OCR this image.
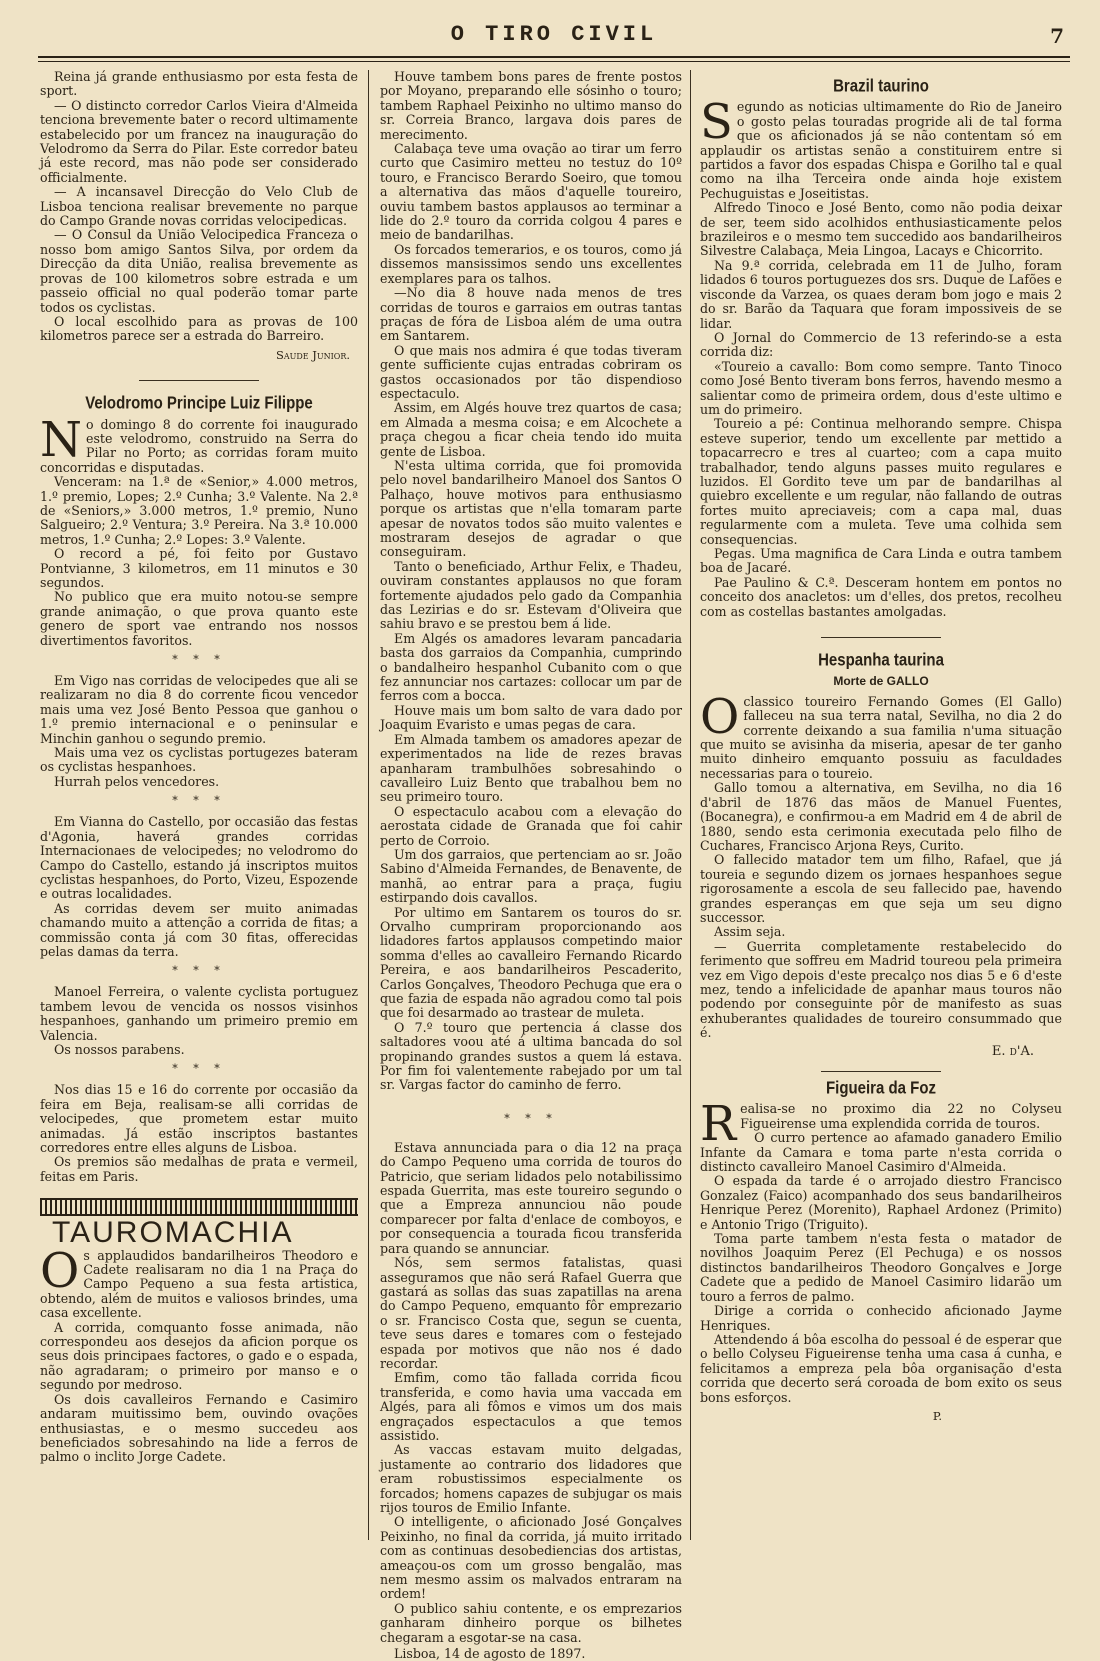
O TIRO CIVIL	7

Reina já grande enthusiasmo por esta festa de sport.

— O distincto corredor Carlos Vieira d'Almeida tenciona brevemente bater o record ultimamente estabelecido por um francez na inauguração do Velodromo da Serra do Pilar. Este corredor bateu já este record, mas não pode ser considerado officialmente.

— A incansavel Direcção do Velo Club de Lisboa tenciona realisar brevemente no parque do Campo Grande novas corridas velocipedicas.

— O Consul da União Velocipedica Franceza o nosso bom amigo Santos Silva, por ordem da Direcção da dita União, realisa brevemente as provas de 100 kilometros sobre estrada e um passeio official no qual poderão tomar parte todos os cyclistas.

O local escolhido para as provas de 100 kilometros parece ser a estrada do Barreiro.

Saude Junior.
Velodromo Principe Luiz Filippe

No domingo 8 do corrente foi inaugurado este velodromo, construido na Serra do Pilar no Porto; as corridas foram muito concorridas e disputadas.

Venceram: na 1.ª de «Senior,» 4.000 metros, 1.º premio, Lopes; 2.º Cunha; 3.º Valente. Na 2.ª de «Seniors,» 3.000 metros, 1.º premio, Nuno Salgueiro; 2.º Ventura; 3.º Pereira. Na 3.ª 10.000 metros, 1.º Cunha; 2.º Lopes: 3.º Valente.

O record a pé, foi feito por Gustavo Pontvianne, 3 kilometros, em 11 minutos e 30 segundos.

No publico que era muito notou-se sempre grande animação, o que prova quanto este genero de sport vae entrando nos nossos divertimentos favoritos.

* * *

Em Vigo nas corridas de velocipedes que ali se realizaram no dia 8 do corrente ficou vencedor mais uma vez José Bento Pessoa que ganhou o 1.º premio internacional e o peninsular e Minchin ganhou o segundo premio.

Mais uma vez os cyclistas portugezes bateram os cyclistas hespanhoes.

Hurrah pelos vencedores.

* * *

Em Vianna do Castello, por occasião das festas d'Agonia, haverá grandes corridas Internacionaes de velocipedes; no velodromo do Campo do Castello, estando já inscriptos muitos cyclistas hespanhoes, do Porto, Vizeu, Espozende e outras localidades.

As corridas devem ser muito animadas chamando muito a attenção a corrida de fitas; a commissão conta já com 30 fitas, offerecidas pelas damas da terra.

* * *

Manoel Ferreira, o valente cyclista portuguez tambem levou de vencida os nossos visinhos hespanhoes, ganhando um primeiro premio em Valencia.

Os nossos parabens.

* * *

Nos dias 15 e 16 do corrente por occasião da feira em Beja, realisam-se alli corridas de velocipedes, que prometem estar muito animadas. Já estão inscriptos bastantes corredores entre elles alguns de Lisboa.

Os premios são medalhas de prata e vermeil, feitas em Paris.

TAUROMACHIA

Os applaudidos bandarilheiros Theodoro e Cadete realisaram no dia 1 na Praça do Campo Pequeno a sua festa artistica, obtendo, além de muitos e valiosos brindes, uma casa excellente.

A corrida, comquanto fosse animada, não correspondeu aos desejos da aficion porque os seus dois principaes factores, o gado e o espada, não agradaram; o primeiro por manso e o segundo por medroso.

Os dois cavalleiros Fernando e Casimiro andaram muitissimo bem, ouvindo ovações enthusiastas, e o mesmo succedeu aos beneficiados sobresahindo na lide a ferros de palmo o inclito Jorge Cadete.

Houve tambem bons pares de frente postos por Moyano, preparando elle sósinho o touro; tambem Raphael Peixinho no ultimo manso do sr. Correia Branco, largava dois pares de merecimento.

Calabaça teve uma ovação ao tirar um ferro curto que Casimiro metteu no testuz do 10º touro, e Francisco Berardo Soeiro, que tomou a alternativa das mãos d'aquelle toureiro, ouviu tambem bastos applausos ao terminar a lide do 2.º touro da corrida colgou 4 pares e meio de bandarilhas.

Os forcados temerarios, e os touros, como já dissemos mansissimos sendo uns excellentes exemplares para os talhos.

—No dia 8 houve nada menos de tres corridas de touros e garraios em outras tantas praças de fóra de Lisboa além de uma outra em Santarem.

O que mais nos admira é que todas tiveram gente sufficiente cujas entradas cobriram os gastos occasionados por tão dispendioso espectaculo.

Assim, em Algés houve trez quartos de casa; em Almada a mesma coisa; e em Alcochete a praça chegou a ficar cheia tendo ido muita gente de Lisboa.

N'esta ultima corrida, que foi promovida pelo novel bandarilheiro Manoel dos Santos O Palhaço, houve motivos para enthusiasmo porque os artistas que n'ella tomaram parte apesar de novatos todos são muito valentes e mostraram desejos de agradar o que conseguiram.

Tanto o beneficiado, Arthur Felix, e Thadeu, ouviram constantes applausos no que foram fortemente ajudados pelo gado da Companhia das Lezirias e do sr. Estevam d'Oliveira que sahiu bravo e se prestou bem á lide.

Em Algés os amadores levaram pancadaria basta dos garraios da Companhia, cumprindo o bandalheiro hespanhol Cubanito com o que fez annunciar nos cartazes: collocar um par de ferros com a bocca.

Houve mais um bom salto de vara dado por Joaquim Evaristo e umas pegas de cara.

Em Almada tambem os amadores apezar de experimentados na lide de rezes bravas apanharam trambulhões sobresahindo o cavalleiro Luiz Bento que trabalhou bem no seu primeiro touro.

O espectaculo acabou com a elevação do aerostata cidade de Granada que foi cahir perto de Corroio.

Um dos garraios, que pertenciam ao sr. João Sabino d'Almeida Fernandes, de Benavente, de manhã, ao entrar para a praça, fugiu estirpando dois cavallos.

Por ultimo em Santarem os touros do sr. Orvalho cumpriram proporcionando aos lidadores fartos applausos competindo maior somma d'elles ao cavalleiro Fernando Ricardo Pereira, e aos bandarilheiros Pescaderito, Carlos Gonçalves, Theodoro Pechuga que era o que fazia de espada não agradou como tal pois que foi desarmado ao trastear de muleta.

O 7.º touro que pertencia á classe dos saltadores voou até á ultima bancada do sol propinando grandes sustos a quem lá estava. Por fim foi valentemente rabejado por um tal sr. Vargas factor do caminho de ferro.

* * *

Estava annunciada para o dia 12 na praça do Campo Pequeno uma corrida de touros do Patricio, que seriam lidados pelo notabilissimo espada Guerrita, mas este toureiro segundo o que a Empreza annunciou não poude comparecer por falta d'enlace de comboyos, e por consequencia a tourada ficou transferida para quando se annunciar.

Nós, sem sermos fatalistas, quasi asseguramos que não será Rafael Guerra que gastará as sollas das suas zapatillas na arena do Campo Pequeno, emquanto fôr emprezario o sr. Francisco Costa que, segun se cuenta, teve seus dares e tomares com o festejado espada por motivos que não nos é dado recordar.

Emfim, como tão fallada corrida ficou transferida, e como havia uma vaccada em Algés, para ali fômos e vimos um dos mais engraçados espectaculos a que temos assistido.

As vaccas estavam muito delgadas, justamente ao contrario dos lidadores que eram robustissimos especialmente os forcados; homens capazes de subjugar os mais rijos touros de Emilio Infante.

O intelligente, o aficionado José Gonçalves Peixinho, no final da corrida, já muito irritado com as continuas desobediencias dos artistas, ameaçou-os com um grosso bengalão, mas nem mesmo assim os malvados entraram na ordem!

O publico sahiu contente, e os emprezarios ganharam dinheiro porque os bilhetes chegaram a esgotar-se na casa.

Lisboa, 14 de agosto de 1897.

Brazil taurino

Segundo as noticias ultimamente do Rio de Janeiro o gosto pelas touradas progride ali de tal forma que os aficionados já se não contentam só em applaudir os artistas senão a constituirem entre si partidos a favor dos espadas Chispa e Gorilho tal e qual como na ilha Terceira onde ainda hoje existem Pechuguistas e Joseitistas.

Alfredo Tinoco e José Bento, como não podia deixar de ser, teem sido acolhidos enthusiasticamente pelos brazileiros e o mesmo tem succedido aos bandarilheiros Silvestre Calabaça, Meia Lingoa, Lacays e Chicorrito.

Na 9.ª corrida, celebrada em 11 de Julho, foram lidados 6 touros portuguezes dos srs. Duque de Lafões e visconde da Varzea, os quaes deram bom jogo e mais 2 do sr. Barão da Taquara que foram impossiveis de se lidar.

O Jornal do Commercio de 13 referindo-se a esta corrida diz:

«Toureio a cavallo: Bom como sempre. Tanto Tinoco como José Bento tiveram bons ferros, havendo mesmo a salientar como de primeira ordem, dous d'este ultimo e um do primeiro.

Toureio a pé: Continua melhorando sempre. Chispa esteve superior, tendo um excellente par mettido a topacarrecro e tres al cuarteo; com a capa muito trabalhador, tendo alguns passes muito regulares e luzidos. El Gordito teve um par de bandarilhas al quiebro excellente e um regular, não fallando de outras fortes muito apreciaveis; com a capa mal, duas regularmente com a muleta. Teve uma colhida sem consequencias.

Pegas. Uma magnifica de Cara Linda e outra tambem boa de Jacaré.

Pae Paulino & C.ª. Desceram hontem em pontos no conceito dos anacletos: um d'elles, dos pretos, recolheu com as costellas bastantes amolgadas.

Hespanha taurina
Morte de GALLO

Oclassico toureiro Fernando Gomes (El Gallo) falleceu na sua terra natal, Sevilha, no dia 2 do corrente deixando a sua familia n'uma situação que muito se avisinha da miseria, apesar de ter ganho muito dinheiro emquanto possuiu as faculdades necessarias para o toureio.

Gallo tomou a alternativa, em Sevilha, no dia 16 d'abril de 1876 das mãos de Manuel Fuentes, (Bocanegra), e confirmou-a em Madrid em 4 de abril de 1880, sendo esta cerimonia executada pelo filho de Cuchares, Francisco Arjona Reys, Curito.

O fallecido matador tem um filho, Rafael, que já toureia e segundo dizem os jornaes hespanhoes segue rigorosamente a escola de seu fallecido pae, havendo grandes esperanças em que seja um seu digno successor.

Assim seja.

— Guerrita completamente restabelecido do ferimento que soffreu em Madrid toureou pela primeira vez em Vigo depois d'este precalço nos dias 5 e 6 d'este mez, tendo a infelicidade de apanhar maus touros não podendo por conseguinte pôr de manifesto as suas exhuberantes qualidades de toureiro consummado que é.

E. d'A.
Figueira da Foz

Realisa-se no proximo dia 22 no Colyseu Figueirense uma explendida corrida de touros.

O curro pertence ao afamado ganadero Emilio Infante da Camara e toma parte n'esta corrida o distincto cavalleiro Manoel Casimiro d'Almeida.

O espada da tarde é o arrojado diestro Francisco Gonzalez (Faico) acompanhado dos seus bandarilheiros Henrique Perez (Morenito), Raphael Ardonez (Primito) e Antonio Trigo (Triguito).

Toma parte tambem n'esta festa o matador de novilhos Joaquim Perez (El Pechuga) e os nossos distinctos bandarilheiros Theodoro Gonçalves e Jorge Cadete que a pedido de Manoel Casimiro lidarão um touro a ferros de palmo.

Dirige a corrida o conhecido aficionado Jayme Henriques.

Attendendo á bôa escolha do pessoal é de esperar que o bello Colyseu Figueirense tenha uma casa á cunha, e felicitamos a empreza pela bôa organisação d'esta corrida que decerto será coroada de bom exito os seus bons esforços.

P.
